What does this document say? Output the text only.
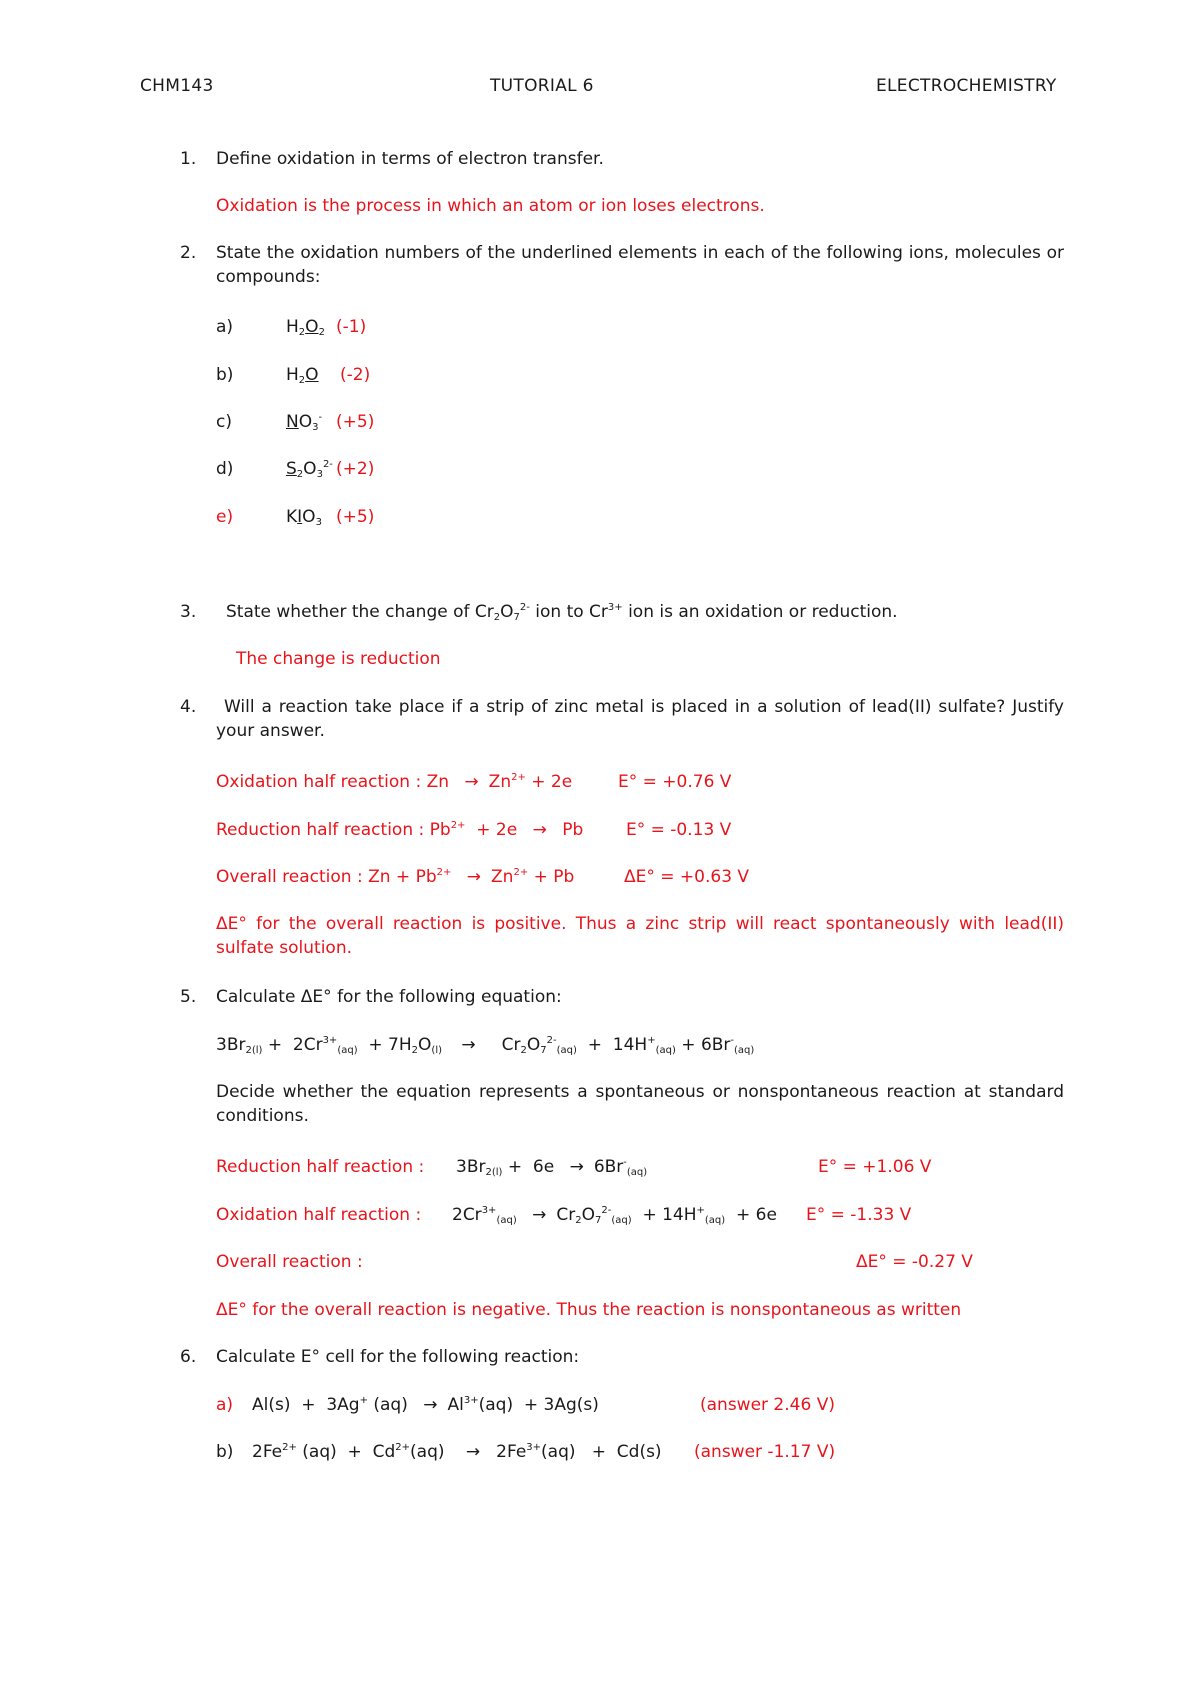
CHM143	TUTORIAL 6	ELECTROCHEMISTRY
1.	Define oxidation in terms of electron transfer.
Oxidation is the process in which an atom or ion loses electrons.
2.	State the oxidation numbers of the underlined elements in each of the following ions, molecules or compounds:
a)	$H_2O_2$ (-1)
b)	$H_2O$ (-2)
c)	$NO_3^-$ (+5)
d)	$S_2O_3^{2-}$ (+2)
e)	$KIO_3$ (+5)
3.	State whether the change of $Cr_2O_7^{2-}$ ion to $Cr^{3+}$ ion is an oxidation or reduction.
The change is reduction
4.	Will a reaction take place if a strip of zinc metal is placed in a solution of lead(II) sulfate? Justify your answer.
Oxidation half reaction : $Zn \to Zn^{2+} + 2e$	E° = +0.76 V
Reduction half reaction : $Pb^{2+} + 2e \to Pb$	E° = -0.13 V
Overall reaction : $Zn + Pb^{2+} \to Zn^{2+} + Pb$	ΔE° = +0.63 V
ΔE° for the overall reaction is positive. Thus a zinc strip will react spontaneously with lead(II) sulfate solution.
5.	Calculate ΔE° for the following equation:
$3Br_{2(l)} + 2Cr^{3+}_{(aq)} + 7H_2O_{(l)} \to Cr_2O_7^{2-}_{(aq)} + 14H^+_{(aq)} + 6Br^-_{(aq)}$
Decide whether the equation represents a spontaneous or nonspontaneous reaction at standard conditions.
Reduction half reaction : $3Br_{2(l)} + 6e \to 6Br^-_{(aq)}$	E° = +1.06 V
Oxidation half reaction : $2Cr^{3+}_{(aq)} \to Cr_2O_7^{2-}_{(aq)} + 14H^+_{(aq)} + 6e$ E° = -1.33 V
Overall reaction :	ΔE° = -0.27 V
ΔE° for the overall reaction is negative. Thus the reaction is nonspontaneous as written
6.	Calculate E° cell for the following reaction:
a) Al(s)  +  3Ag+ $(aq) \to Al^{3+}(aq) + 3Ag(s)$	(answer 2.46 V)
b) $2Fe^{2+}$ $(aq) + Cd^{2+}(aq) \to 2Fe^{3+}(aq) + Cd(s)$ (answer -1.17 V)
